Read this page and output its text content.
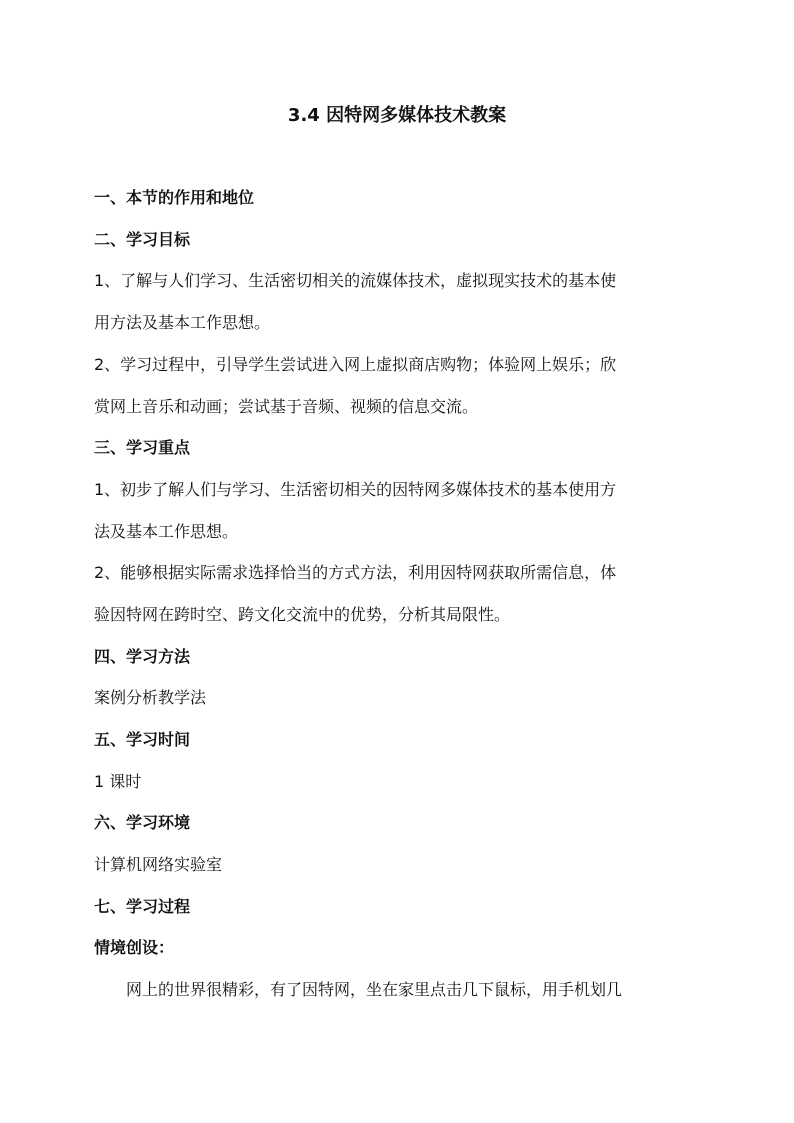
3.4 因特网多媒体技术教案
一、本节的作用和地位
二、学习目标
1、了解与人们学习、生活密切相关的流媒体技术，虚拟现实技术的基本使
用方法及基本工作思想。
2、学习过程中，引导学生尝试进入网上虚拟商店购物；体验网上娱乐；欣
赏网上音乐和动画；尝试基于音频、视频的信息交流。
三、学习重点
1、初步了解人们与学习、生活密切相关的因特网多媒体技术的基本使用方
法及基本工作思想。
2、能够根据实际需求选择恰当的方式方法，利用因特网获取所需信息，体
验因特网在跨时空、跨文化交流中的优势，分析其局限性。
四、学习方法
案例分析教学法
五、学习时间
1 课时
六、学习环境
计算机网络实验室
七、学习过程
情境创设：
网上的世界很精彩，有了因特网，坐在家里点击几下鼠标，用手机划几
